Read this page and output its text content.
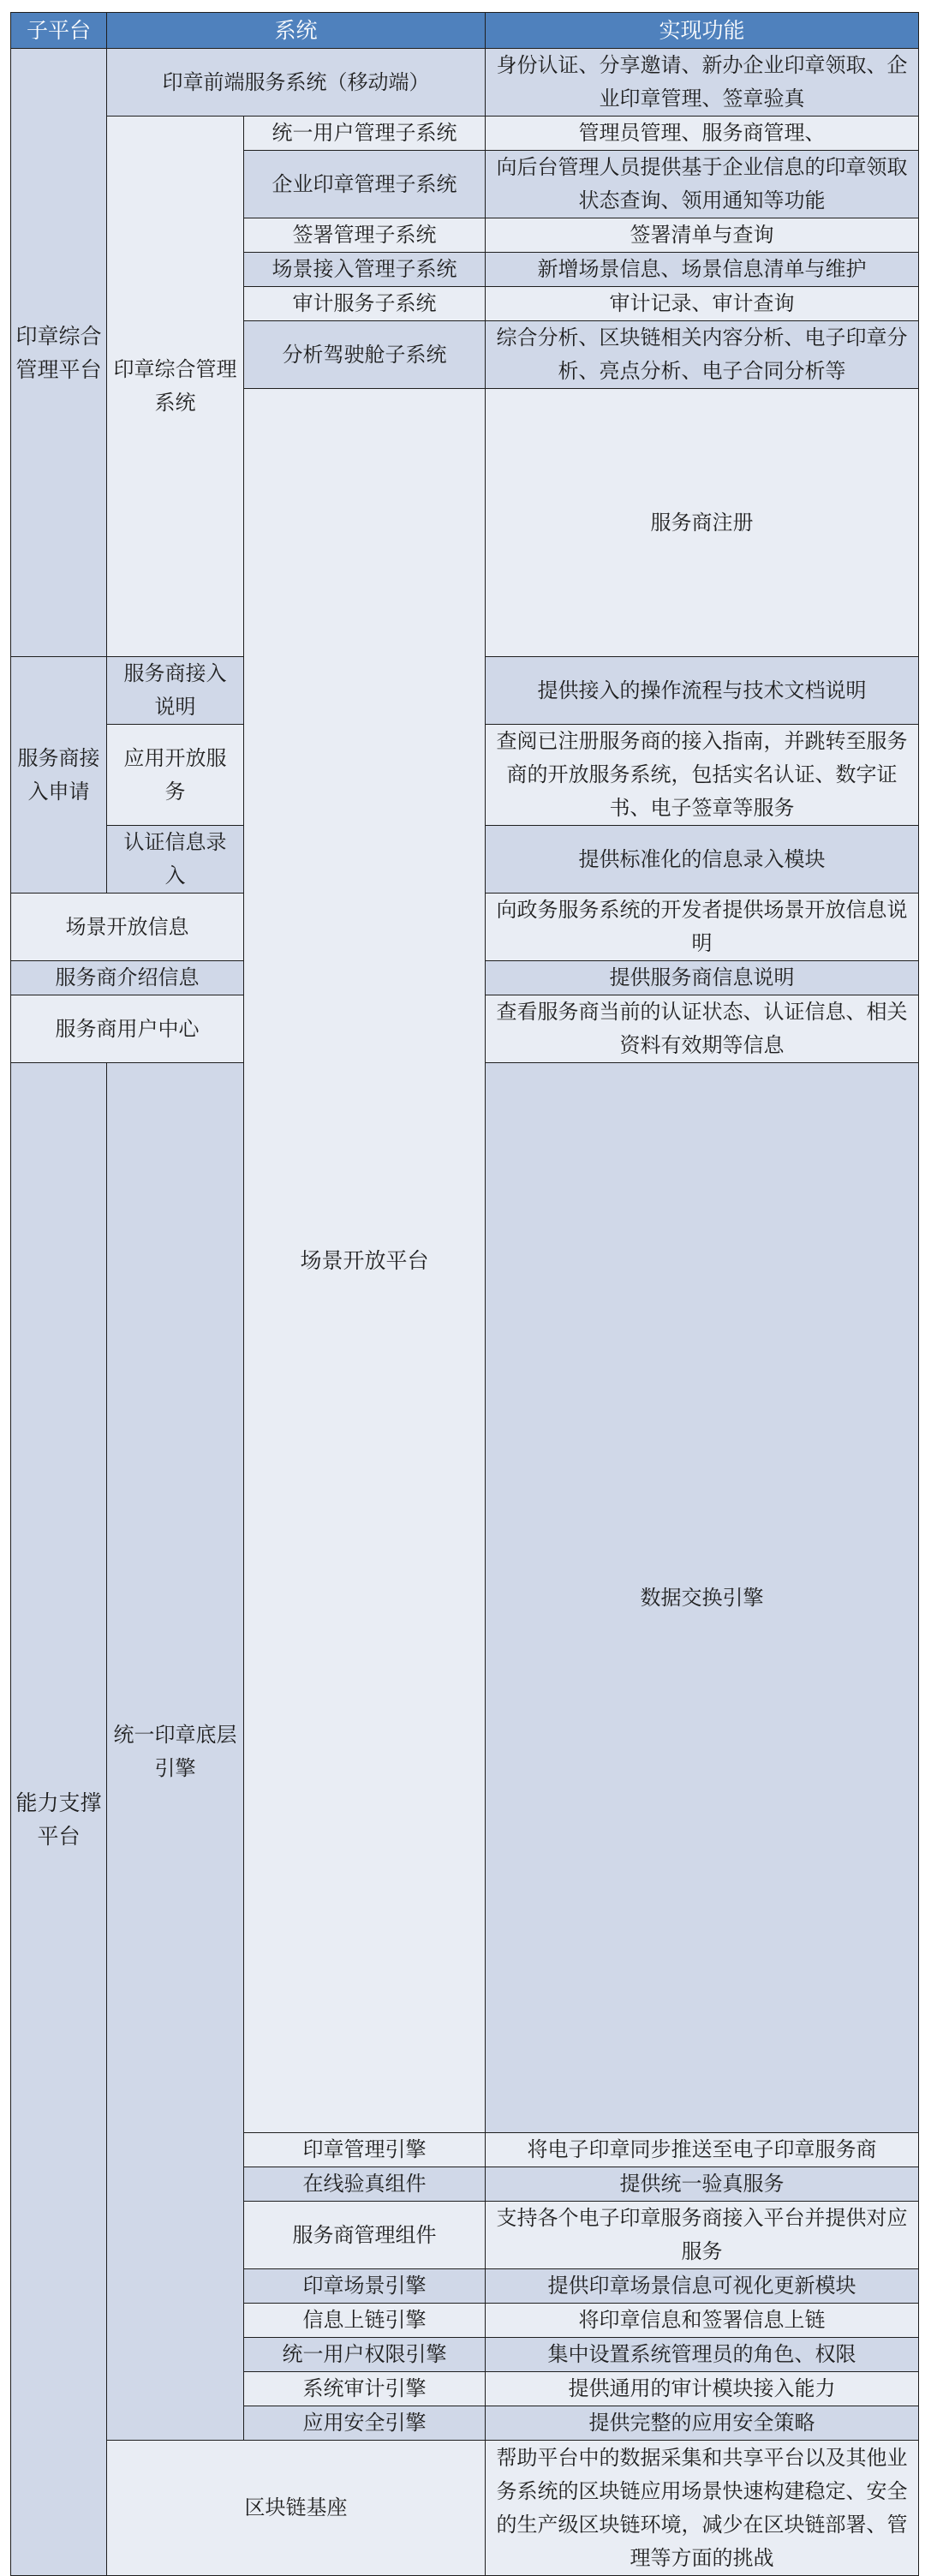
子平台	系统		实现功能	
印章综合管理平台	印章前端服务系统（移动端）		身份认证、分享邀请、新办企业印章领取、企业印章管理、签章验真	
	印章综合管理系统	统一用户管理子系统	管理员管理、服务商管理、	
		企业印章管理子系统	向后台管理人员提供基于企业信息的印章领取状态查询、领用通知等功能	
		签署管理子系统	签署清单与查询	
		场景接入管理子系统	新增场景信息、场景信息清单与维护	
		审计服务子系统	审计记录、审计查询	
		分析驾驶舱子系统	综合分析、区块链相关内容分析、电子印章分析、亮点分析、电子合同分析等	
		场景开放平台	服务商注册	
服务商接入申请	服务商接入说明		提供接入的操作流程与技术文档说明	
	应用开放服务		查阅已注册服务商的接入指南，并跳转至服务商的开放服务系统，包括实名认证、数字证书、电子签章等服务	
	认证信息录入		提供标准化的信息录入模块	
场景开放信息			向政务服务系统的开发者提供场景开放信息说明	
服务商介绍信息			提供服务商信息说明	
服务商用户中心			查看服务商当前的认证状态、认证信息、相关资料有效期等信息	
能力支撑平台	统一印章底层引擎		数据交换引擎	
		印章管理引擎	将电子印章同步推送至电子印章服务商	
		在线验真组件	提供统一验真服务	
		服务商管理组件	支持各个电子印章服务商接入平台并提供对应服务	
		印章场景引擎	提供印章场景信息可视化更新模块	
		信息上链引擎	将印章信息和签署信息上链	
		统一用户权限引擎	集中设置系统管理员的角色、权限	
		系统审计引擎	提供通用的审计模块接入能力	
		应用安全引擎	提供完整的应用安全策略	
	区块链基座		帮助平台中的数据采集和共享平台以及其他业务系统的区块链应用场景快速构建稳定、安全的生产级区块链环境，减少在区块链部署、管理等方面的挑战	
